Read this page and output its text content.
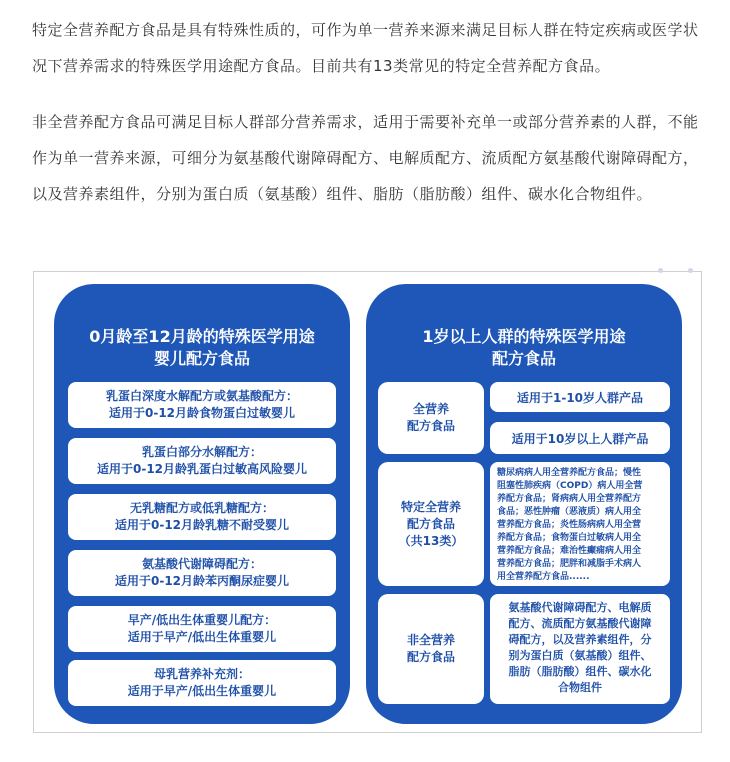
特定全营养配方食品是具有特殊性质的，可作为单一营养来源来满足目标人群在特定疾病或医学状况下营养需求的特殊医学用途配方食品。目前共有13类常见的特定全营养配方食品。

非全营养配方食品可满足目标人群部分营养需求，适用于需要补充单一或部分营养素的人群，不能作为单一营养来源，可细分为氨基酸代谢障碍配方、电解质配方、流质配方氨基酸代谢障碍配方，以及营养素组件，分别为蛋白质（氨基酸）组件、脂肪（脂肪酸）组件、碳水化合物组件。

0月龄至12月龄的特殊医学用途
婴儿配方食品
乳蛋白深度水解配方或氨基酸配方：
适用于0-12月龄食物蛋白过敏婴儿
乳蛋白部分水解配方：
适用于0-12月龄乳蛋白过敏高风险婴儿
无乳糖配方或低乳糖配方：
适用于0-12月龄乳糖不耐受婴儿
氨基酸代谢障碍配方：
适用于0-12月龄苯丙酮尿症婴儿
早产/低出生体重婴儿配方：
适用于早产/低出生体重婴儿
母乳营养补充剂：
适用于早产/低出生体重婴儿
1岁以上人群的特殊医学用途
配方食品
全营养
配方食品
适用于1-10岁人群产品
适用于10岁以上人群产品
特定全营养
配方食品
（共13类）
糖尿病病人用全营养配方食品；慢性
阻塞性肺疾病（COPD）病人用全营
养配方食品；肾病病人用全营养配方
食品；恶性肿瘤（恶液质）病人用全
营养配方食品；炎性肠病病人用全营
养配方食品；食物蛋白过敏病人用全
营养配方食品；难治性癫痫病人用全
营养配方食品；肥胖和减脂手术病人
用全营养配方食品......
非全营养
配方食品
氨基酸代谢障碍配方、电解质
配方、流质配方氨基酸代谢障
碍配方，以及营养素组件，分
别为蛋白质（氨基酸）组件、
脂肪（脂肪酸）组件、碳水化
合物组件
